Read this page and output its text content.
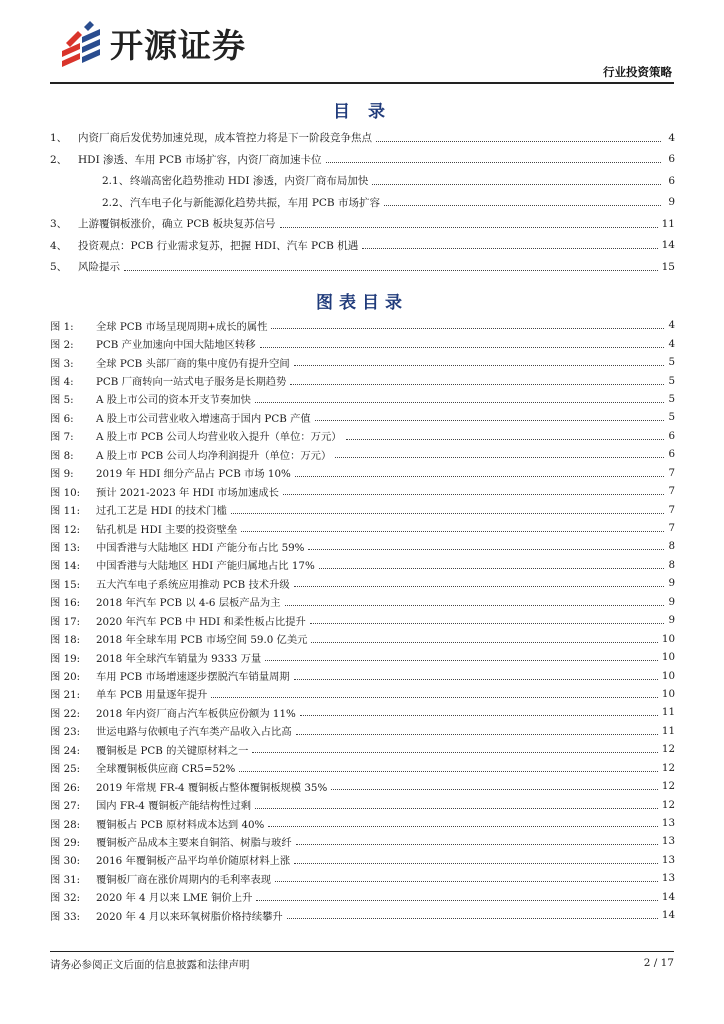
开源证券
行业投资策略
目 录
1、	内资厂商后发优势加速兑现，成本管控力将是下一阶段竞争焦点	4
2、	HDI 渗透、车用 PCB 市场扩容，内资厂商加速卡位	6
2.1、 终端高密化趋势推动 HDI 渗透，内资厂商布局加快	6
2.2、 汽车电子化与新能源化趋势共振，车用 PCB 市场扩容	9
3、	上游覆铜板涨价，确立 PCB 板块复苏信号	11
4、	投资观点：PCB 行业需求复苏，把握 HDI、汽车 PCB 机遇	14
5、	风险提示	15
图表目录
图 1:	全球 PCB 市场呈现周期+成长的属性	4
图 2:	PCB 产业加速向中国大陆地区转移	4
图 3:	全球 PCB 头部厂商的集中度仍有提升空间	5
图 4:	PCB 厂商转向一站式电子服务是长期趋势	5
图 5:	A 股上市公司的资本开支节奏加快	5
图 6:	A 股上市公司营业收入增速高于国内 PCB 产值	5
图 7:	A 股上市 PCB 公司人均营业收入提升（单位：万元）	6
图 8:	A 股上市 PCB 公司人均净利润提升（单位：万元）	6
图 9:	2019 年 HDI 细分产品占 PCB 市场 10%	7
图 10:	预计 2021-2023 年 HDI 市场加速成长	7
图 11:	过孔工艺是 HDI 的技术门槛	7
图 12:	钻孔机是 HDI 主要的投资壁垒	7
图 13:	中国香港与大陆地区 HDI 产能分布占比 59%	8
图 14:	中国香港与大陆地区 HDI 产能归属地占比 17%	8
图 15:	五大汽车电子系统应用推动 PCB 技术升级	9
图 16:	2018 年汽车 PCB 以 4-6 层板产品为主	9
图 17:	2020 年汽车 PCB 中 HDI 和柔性板占比提升	9
图 18:	2018 年全球车用 PCB 市场空间 59.0 亿美元	10
图 19:	2018 年全球汽车销量为 9333 万量	10
图 20:	车用 PCB 市场增速逐步摆脱汽车销量周期	10
图 21:	单车 PCB 用量逐年提升	10
图 22:	2018 年内资厂商占汽车板供应份额为 11%	11
图 23:	世运电路与依顿电子汽车类产品收入占比高	11
图 24:	覆铜板是 PCB 的关键原材料之一	12
图 25:	全球覆铜板供应商 CR5=52%	12
图 26:	2019 年常规 FR-4 覆铜板占整体覆铜板规模 35%	12
图 27:	国内 FR-4 覆铜板产能结构性过剩	12
图 28:	覆铜板占 PCB 原材料成本达到 40%	13
图 29:	覆铜板产品成本主要来自铜箔、树脂与玻纤	13
图 30:	2016 年覆铜板产品平均单价随原材料上涨	13
图 31:	覆铜板厂商在涨价周期内的毛利率表现	13
图 32:	2020 年 4 月以来 LME 铜价上升	14
图 33:	2020 年 4 月以来环氧树脂价格持续攀升	14
请务必参阅正文后面的信息披露和法律声明	2 / 17
